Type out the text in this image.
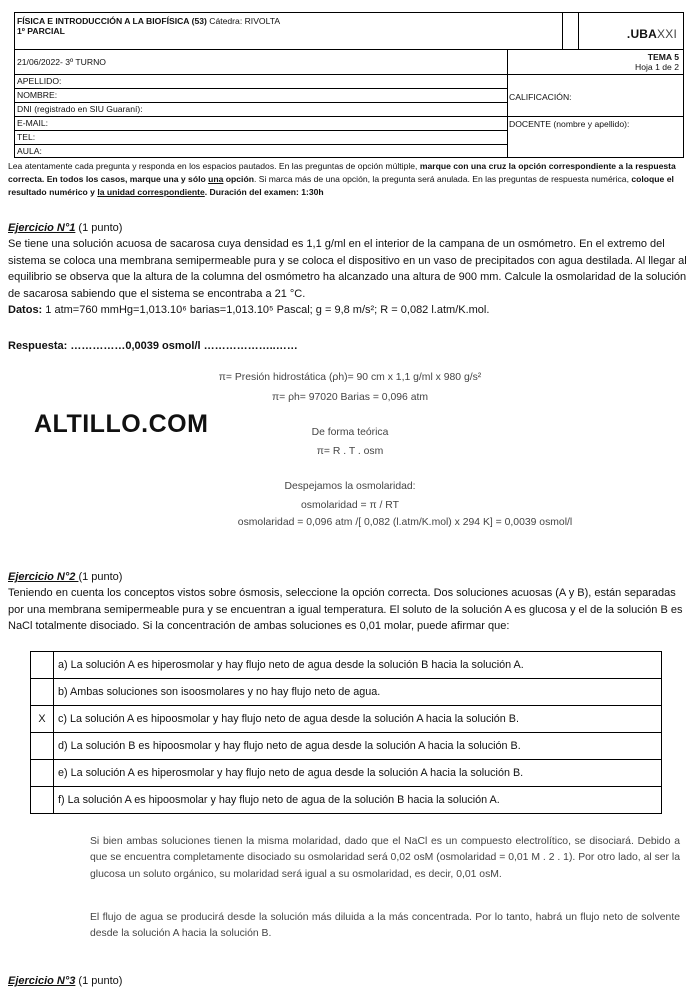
FÍSICA E INTRODUCCIÓN A LA BIOFÍSICA (53) Cátedra: RIVOLTA
1º PARCIAL	.UBAXXI
21/06/2022- 3º TURNO	TEMA 5
Hoja 1 de 2
APELLIDO:
NOMBRE:
DNI (registrado en SIU Guaraní):
E-MAIL:
TEL:
AULA:
CALIFICACIÓN:
DOCENTE (nombre y apellido):
Lea atentamente cada pregunta y responda en los espacios pautados. En las preguntas de opción múltiple, marque con una cruz la opción correspondiente a la respuesta correcta. En todos los casos, marque una y sólo una opción. Si marca más de una opción, la pregunta será anulada. En las preguntas de respuesta numérica, coloque el resultado numérico y la unidad correspondiente. Duración del examen: 1:30h
Ejercicio N°1 (1 punto)
Se tiene una solución acuosa de sacarosa cuya densidad es 1,1 g/ml en el interior de la campana de un osmómetro. En el extremo del sistema se coloca una membrana semipermeable pura y se coloca el dispositivo en un vaso de precipitados con agua destilada. Al llegar al equilibrio se observa que la altura de la columna del osmómetro ha alcanzado una altura de 900 mm. Calcule la osmolaridad de la solución de sacarosa sabiendo que el sistema se encontraba a 21 °C.
Datos: 1 atm=760 mmHg=1,013.10⁶ barias=1,013.10⁵ Pascal; g = 9,8 m/s²; R = 0,082 l.atm/K.mol.
Respuesta: ……………0,0039 osmol/l ………………..……
π= Presión hidrostática (ρh)= 90 cm x 1,1 g/ml x 980 g/s²
π= ρh= 97020 Barias = 0,096 atm
De forma teórica
π= R . T . osm
Despejamos la osmolaridad:
osmolaridad = π / RT
osmolaridad = 0,096 atm /[ 0,082 (l.atm/K.mol) x 294 K] = 0,0039 osmol/l
ALTILLO.COM
Ejercicio N°2 (1 punto)
Teniendo en cuenta los conceptos vistos sobre ósmosis, seleccione la opción correcta. Dos soluciones acuosas (A y B), están separadas por una membrana semipermeable pura y se encuentran a igual temperatura. El soluto de la solución A es glucosa y el de la solución B es NaCl totalmente disociado. Si la concentración de ambas soluciones es 0,01 molar, puede afirmar que:
	a) La solución A es hiperosmolar y hay flujo neto de agua desde la solución B hacia la solución A.
	b) Ambas soluciones son isoosmolares y no hay flujo neto de agua.
X	c) La solución A es hipoosmolar y hay flujo neto de agua desde la solución A hacia la solución B.
	d) La solución B es hipoosmolar y hay flujo neto de agua desde la solución A hacia la solución B.
	e) La solución A es hiperosmolar y hay flujo neto de agua desde la solución A hacia la solución B.
	f) La solución A es hipoosmolar y hay flujo neto de agua de la solución B hacia la solución A.
Si bien ambas soluciones tienen la misma molaridad, dado que el NaCl es un compuesto electrolítico, se disociará. Debido a que se encuentra completamente disociado su osmolaridad será 0,02 osM (osmolaridad = 0,01 M . 2 . 1). Por otro lado, al ser la glucosa un soluto orgánico, su molaridad será igual a su osmolaridad, es decir, 0,01 osM.
El flujo de agua se producirá desde la solución más diluida a la más concentrada. Por lo tanto, habrá un flujo neto de solvente desde la solución A hacia la solución B.
Ejercicio N°3 (1 punto)
